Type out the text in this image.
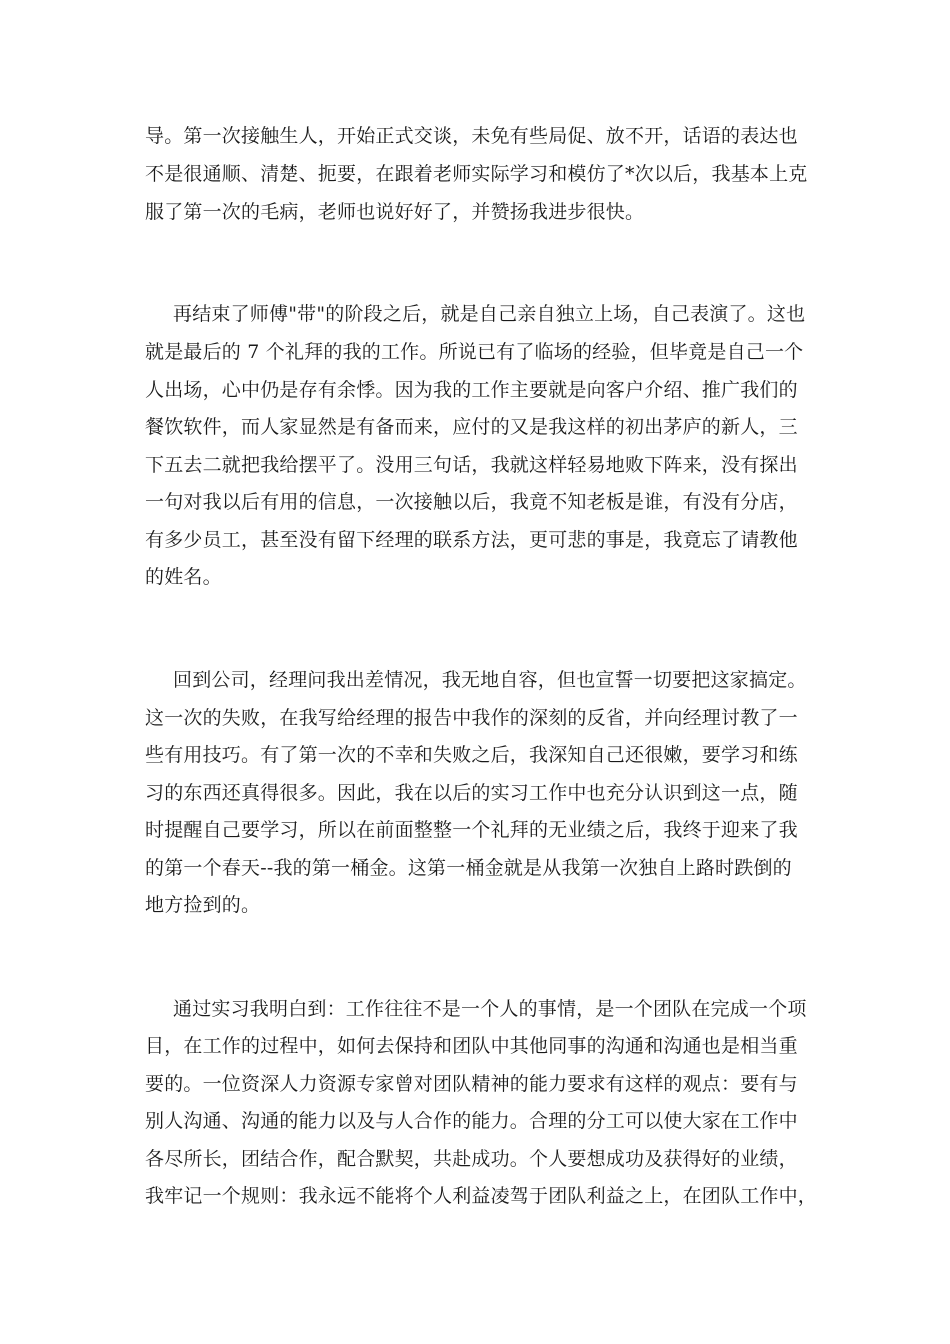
导。第一次接触生人，开始正式交谈，未免有些局促、放不开，话语的表达也
不是很通顺、清楚、扼要，在跟着老师实际学习和模仿了*次以后，我基本上克
服了第一次的毛病，老师也说好好了，并赞扬我进步很快。
再结束了师傅"带"的阶段之后，就是自己亲自独立上场，自己表演了。这也
就是最后的 7 个礼拜的我的工作。所说已有了临场的经验，但毕竟是自己一个
人出场，心中仍是存有余悸。因为我的工作主要就是向客户介绍、推广我们的
餐饮软件，而人家显然是有备而来，应付的又是我这样的初出茅庐的新人，三
下五去二就把我给摆平了。没用三句话，我就这样轻易地败下阵来，没有探出
一句对我以后有用的信息，一次接触以后，我竟不知老板是谁，有没有分店，
有多少员工，甚至没有留下经理的联系方法，更可悲的事是，我竟忘了请教他
的姓名。
回到公司，经理问我出差情况，我无地自容，但也宣誓一切要把这家搞定。
这一次的失败，在我写给经理的报告中我作的深刻的反省，并向经理讨教了一
些有用技巧。有了第一次的不幸和失败之后，我深知自己还很嫩，要学习和练
习的东西还真得很多。因此，我在以后的实习工作中也充分认识到这一点，随
时提醒自己要学习，所以在前面整整一个礼拜的无业绩之后，我终于迎来了我
的第一个春天--我的第一桶金。这第一桶金就是从我第一次独自上路时跌倒的
地方捡到的。
通过实习我明白到：工作往往不是一个人的事情，是一个团队在完成一个项
目，在工作的过程中，如何去保持和团队中其他同事的沟通和沟通也是相当重
要的。一位资深人力资源专家曾对团队精神的能力要求有这样的观点：要有与
别人沟通、沟通的能力以及与人合作的能力。合理的分工可以使大家在工作中
各尽所长，团结合作，配合默契，共赴成功。个人要想成功及获得好的业绩，
我牢记一个规则：我永远不能将个人利益凌驾于团队利益之上，在团队工作中，
